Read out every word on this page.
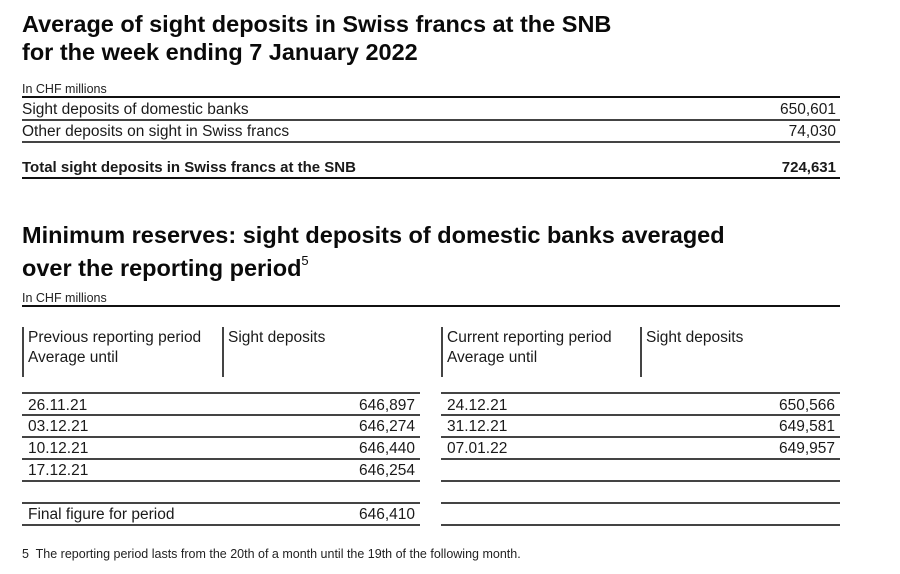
Average of sight deposits in Swiss francs at the SNB
for the week ending 7 January 2022
In CHF millions
Sight deposits of domestic banks	650,601
Other deposits on sight in Swiss francs	74,030
Total sight deposits in Swiss francs at the SNB	724,631
Minimum reserves: sight deposits of domestic banks averaged
over the reporting period$^5$
In CHF millions
Previous reporting period
Average until
Sight deposits
26.11.21	646,897
03.12.21	646,274
10.12.21	646,440
17.12.21	646,254
Final figure for period	646,410
Current reporting period
Average until
Sight deposits
24.12.21	650,566
31.12.21	649,581
07.01.22	649,957
5  The reporting period lasts from the 20th of a month until the 19th of the following month.
